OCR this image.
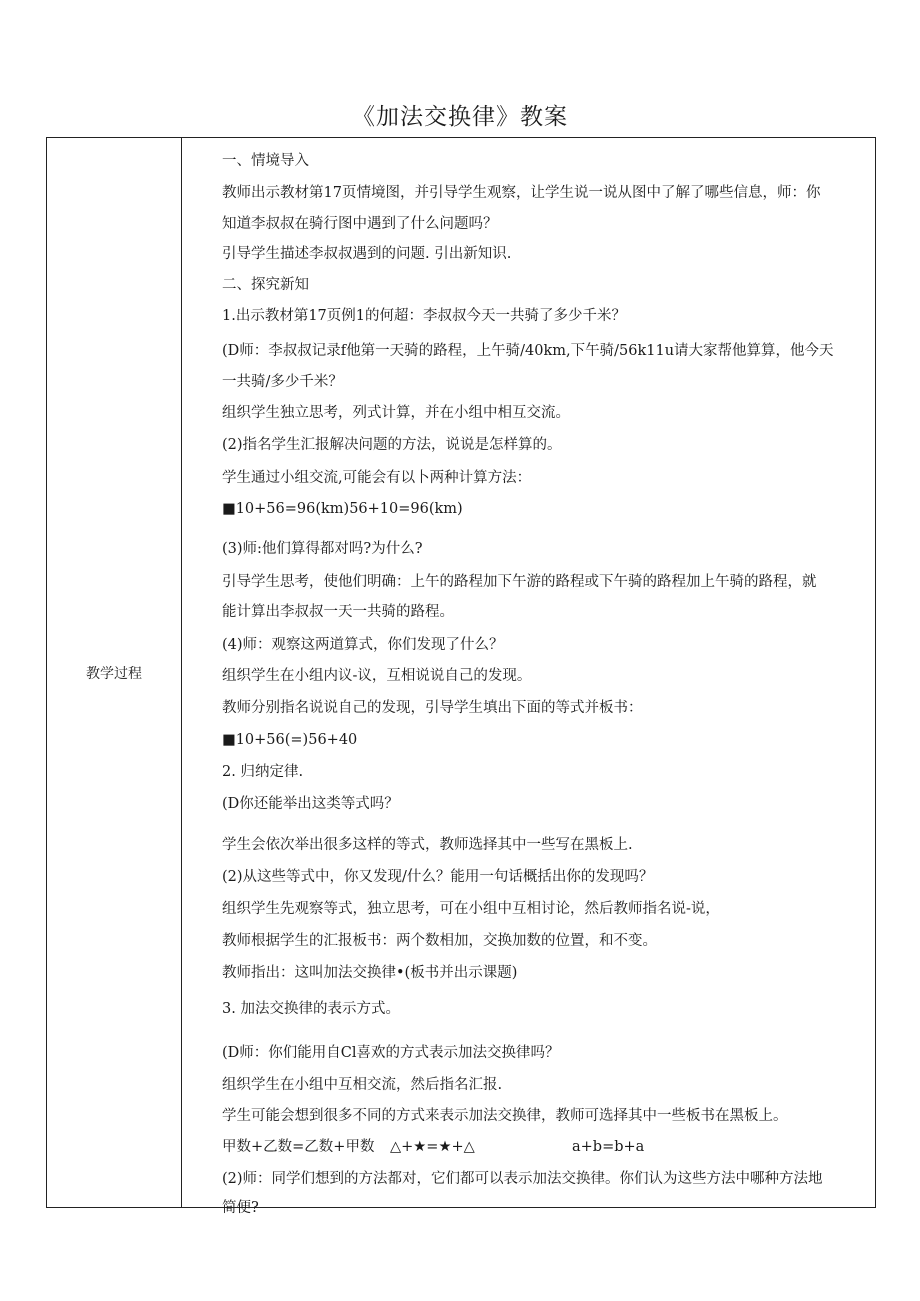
《加法交换律》教案
教学过程
一、情境导入
教师出示教材第17页情境图，并引导学生观察，让学生说一说从图中了解了哪些信息，师：你
知道李叔叔在骑行图中遇到了什么问题吗？
引导学生描述李叔叔遇到的问题. 引出新知识.
二、探究新知
1.出示教材第17页例1的何超：李叔叔今天一共骑了多少千米？
(D师：李叔叔记录f他第一天骑的路程，上午骑/40km,下午骑/56k11u请大家帮他算算，他今天
一共骑/多少千米？
组织学生独立思考，列式计算，并在小组中相互交流。
(2)指名学生汇报解决问题的方法，说说是怎样算的。
学生通过小组交流,可能会有以卜两种计算方法：
■10+56=96(km)56+10=96(km)
(3)师:他们算得都对吗?为什么?
引导学生思考，使他们明确：上午的路程加下午游的路程或下午骑的路程加上午骑的路程，就
能计算出李叔叔一天一共骑的路程。
(4)师：观察这两道算式，你们发现了什么？
组织学生在小组内议-议，互相说说自己的发现。
教师分别指名说说自己的发现，引导学生填出下面的等式并板书：
■10+56(=)56+40
2. 归纳定律.
(D你还能举出这类等式吗？
学生会依次举出很多这样的等式，教师选择其中一些写在黑板上.
(2)从这些等式中，你又发现/什么？能用一句话概括出你的发现吗？
组织学生先观察等式，独立思考，可在小组中互相讨论，然后教师指名说-说，
教师根据学生的汇报板书：两个数相加，交换加数的位置，和不变。
教师指出：这叫加法交换律•(板书并出示课题)
3. 加法交换律的表示方式。
(D师：你们能用自Cl喜欢的方式表示加法交换律吗？
组织学生在小组中互相交流，然后指名汇报.
学生可能会想到很多不同的方式来表示加法交换律，教师可选择其中一些板书在黑板上。
甲数+乙数=乙数+甲数 △+★=★+△	a+b=b+a
(2)师：同学们想到的方法都对，它们都可以表示加法交换律。你们认为这些方法中哪种方法地
简便?
